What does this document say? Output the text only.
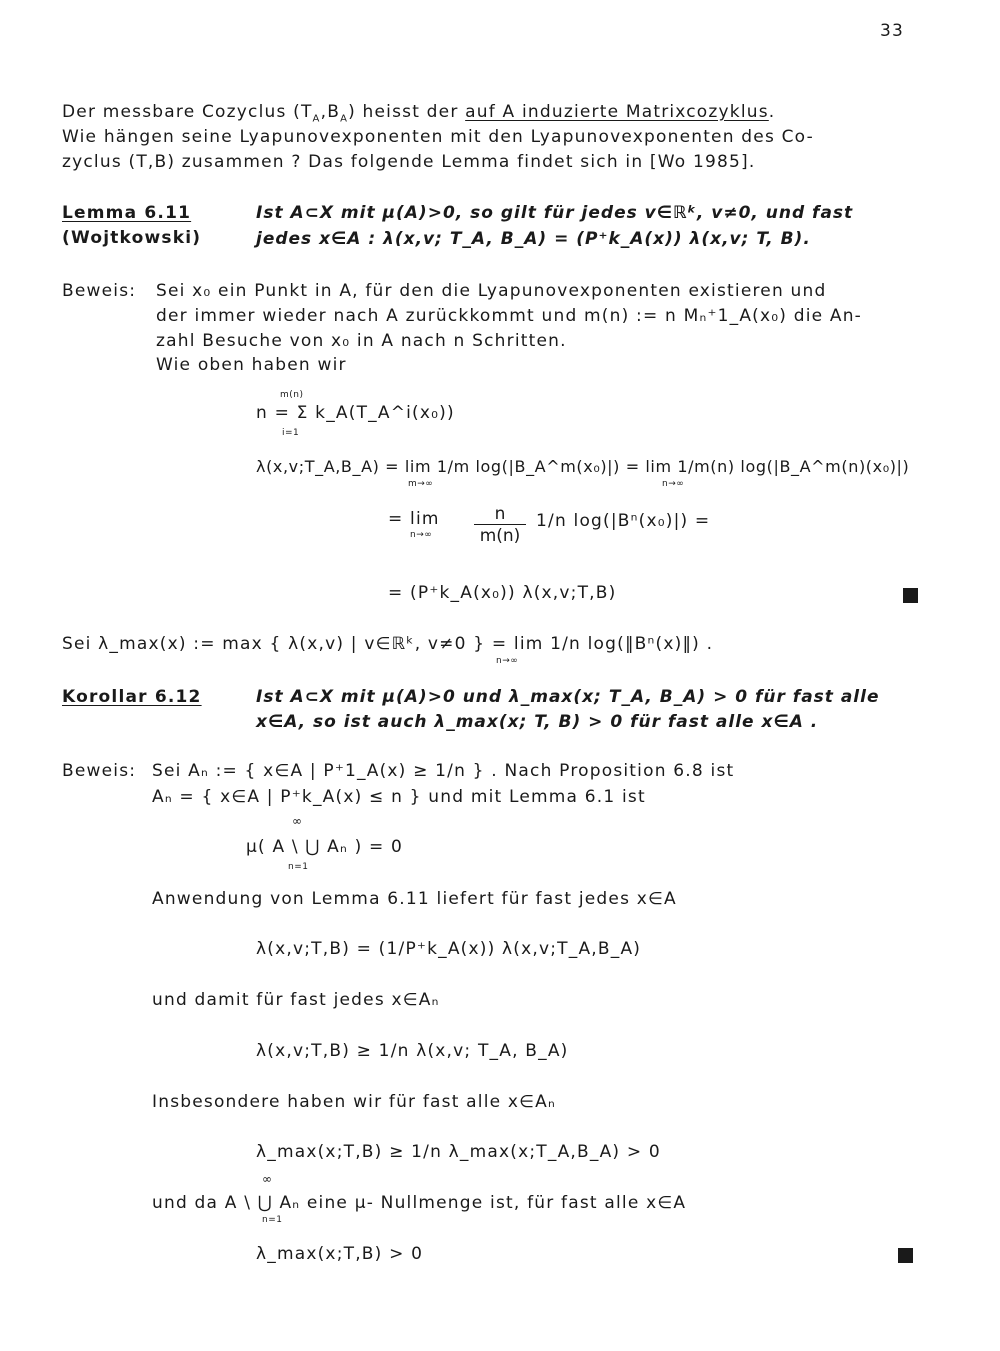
33
Der messbare Cozyclus $(T_A,B_A)$ heisst der auf A induzierte Matrixcozyklus.
Wie hängen seine Lyapunovexponenten mit den Lyapunovexponenten des Co-
zyclus (T,B) zusammen ? Das folgende Lemma findet sich in [Wo 1985].
Lemma 6.11
(Wojtkowski)
Ist A⊂X mit μ(A)>0, so gilt für jedes v∈ℝᵏ, v≠0, und fast
jedes x∈A : λ(x,v; T_A, B_A) = (P⁺k_A(x)) λ(x,v; T, B).
Beweis: Sei x₀ ein Punkt in A, für den die Lyapunovexponenten existieren und
der immer wieder nach A zurückkommt und m(n) := n Mₙ⁺1_A(x₀) die An-
zahl Besuche von x₀ in A nach n Schritten.
Wie oben haben wir
m(n)
n = Σ k_A(T_A^i(x₀))
i=1
λ(x,v;T_A,B_A) = lim 1/m log(|B_A^m(x₀)|) = lim 1/m(n) log(|B_A^m(n)(x₀)|)
m→∞	n→∞
= lim
$n\to\infty \frac{n}{m(n)} 1/n$ log(|Bⁿ(x₀)|) =
= (P⁺k_A(x₀)) λ(x,v;T,B)
Sei λ_max(x) := max { λ(x,v) | v∈ℝᵏ, v≠0 } = lim 1/n log(‖Bⁿ(x)‖) .
n→∞
Korollar 6.12	Ist A⊂X mit μ(A)>0 und λ_max(x; T_A, B_A) > 0 für fast alle
x∈A, so ist auch λ_max(x; T, B) > 0 für fast alle x∈A .
Beweis: Sei Aₙ := { x∈A | P⁺1_A(x) ≥ 1/n } . Nach Proposition 6.8 ist
Aₙ = { x∈A | P⁺k_A(x) ≤ n } und mit Lemma 6.1 ist
∞
μ( A \ ⋃ Aₙ ) = 0
n=1
Anwendung von Lemma 6.11 liefert für fast jedes x∈A
λ(x,v;T,B) = (1/P⁺k_A(x)) λ(x,v;T_A,B_A)
und damit für fast jedes x∈Aₙ
λ(x,v;T,B) ≥ 1/n λ(x,v; T_A, B_A)
Insbesondere haben wir für fast alle x∈Aₙ
λ_max(x;T,B) ≥ 1/n λ_max(x;T_A,B_A) > 0
∞
und da A \ ⋃ Aₙ eine μ- Nullmenge ist, für fast alle x∈A
n=1
λ_max(x;T,B) > 0
